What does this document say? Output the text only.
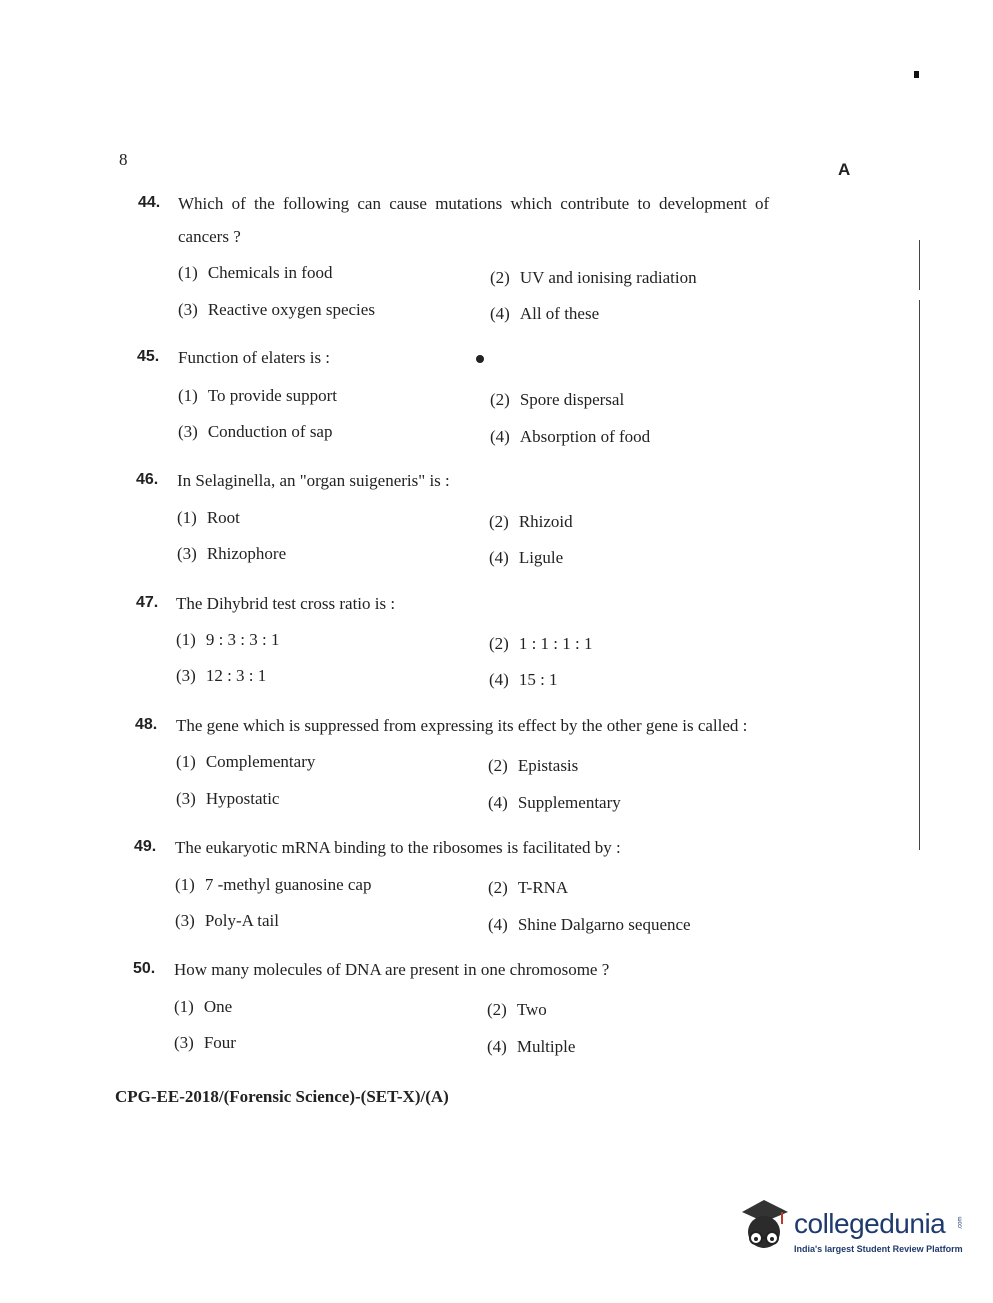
8
A
44. Which of the following can cause mutations which contribute to development of
cancers ?
(1) Chemicals in food	(2) UV and ionising radiation
(3) Reactive oxygen species	(4) All of these
45. Function of elaters is :
(1) To provide support	(2) Spore dispersal
(3) Conduction of sap	(4) Absorption of food
46. In Selaginella, an "organ suigeneris" is :
(1) Root	(2) Rhizoid
(3) Rhizophore	(4) Ligule
47. The Dihybrid test cross ratio is :
(1) 9 : 3 : 3 : 1	(2) 1 : 1 : 1 : 1
(3) 12 : 3 : 1	(4) 15 : 1
48. The gene which is suppressed from expressing its effect by the other gene is called :
(1) Complementary	(2) Epistasis
(3) Hypostatic	(4) Supplementary
49. The eukaryotic mRNA binding to the ribosomes is facilitated by :
(1) 7 -methyl guanosine cap	(2) T-RNA
(3) Poly-A tail	(4) Shine Dalgarno sequence
50. How many molecules of DNA are present in one chromosome ?
(1) One	(2) Two
(3) Four	(4) Multiple
CPG-EE-2018/(Forensic Science)-(SET-X)/(A)
collegedunia .com
India's largest Student Review Platform
